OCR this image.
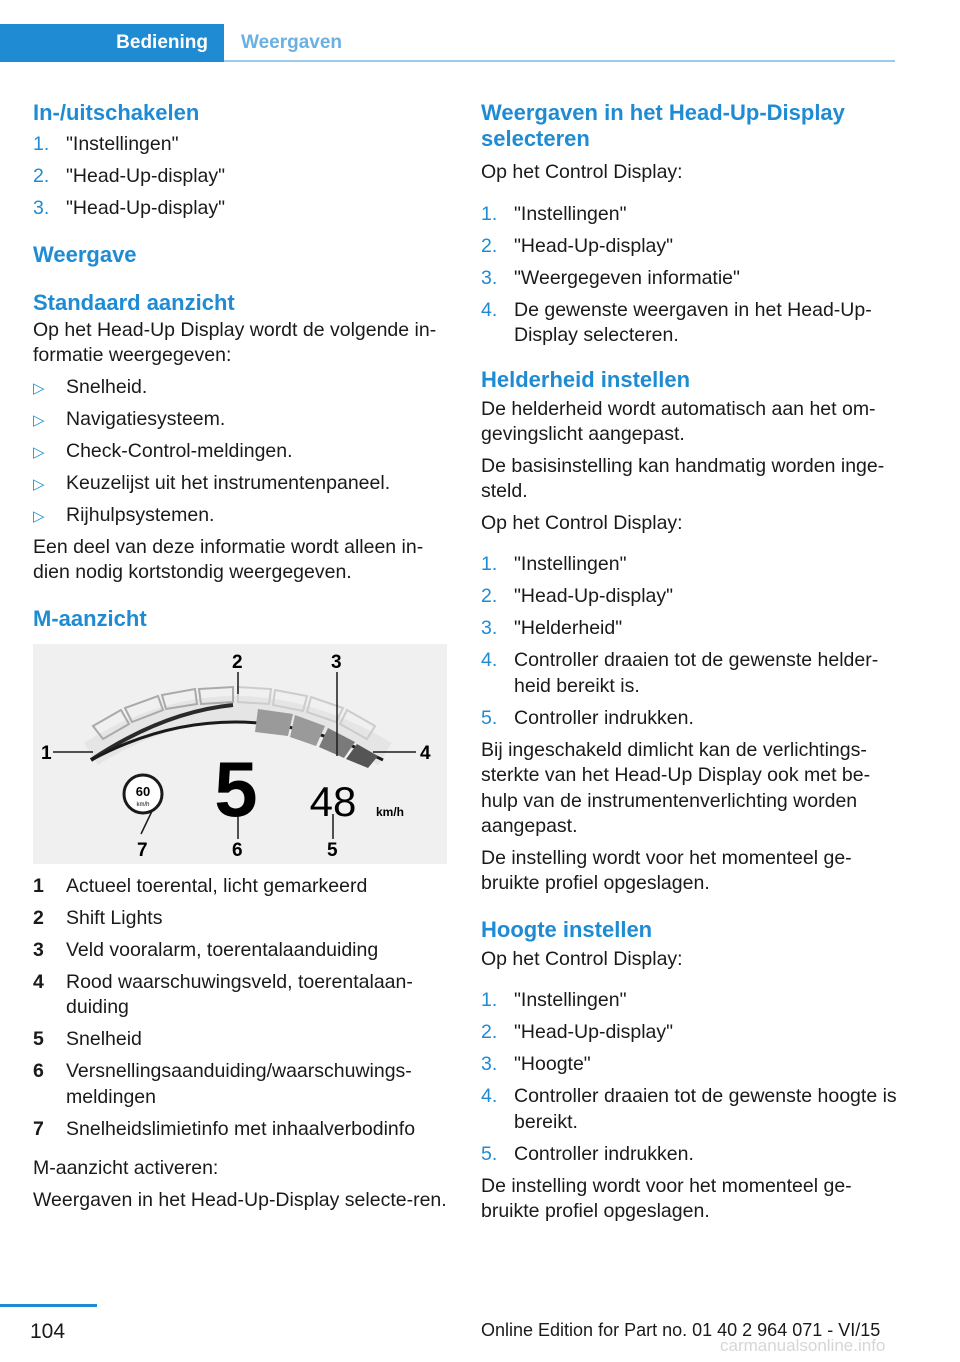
Bediening	Weergaven
In-/uitschakelen
1. "Instellingen"
2. "Head-Up-display"
3. "Head-Up-display"
Weergave
Standaard aanzicht
Op het Head-Up Display wordt de volgende in-formatie weergegeven:
▷ Snelheid.
▷ Navigatiesysteem.
▷ Check-Control-meldingen.
▷ Keuzelijst uit het instrumentenpaneel.
▷ Rijhulpsystemen.
Een deel van deze informatie wordt alleen in-dien nodig kortstondig weergegeven.
M-aanzicht
1
2	3
4
5
6
7
60
km/h 5 48 km/h
1 Actueel toerental, licht gemarkeerd
2 Shift Lights
3 Veld vooralarm, toerentalaanduiding
4 Rood waarschuwingsveld, toerentalaan-duiding
5 Snelheid
6 Versnellingsaanduiding/waarschuwings-meldingen
7 Snelheidslimietinfo met inhaalverbodinfo
M-aanzicht activeren:
Weergaven in het Head-Up-Display selecte-ren.
Weergaven in het Head-Up-Display selecteren
Op het Control Display:
1. "Instellingen"
2. "Head-Up-display"
3. "Weergegeven informatie"
4. De gewenste weergaven in het Head-Up-Display selecteren.
Helderheid instellen
De helderheid wordt automatisch aan het om-gevingslicht aangepast.
De basisinstelling kan handmatig worden inge-steld.
Op het Control Display:
1. "Instellingen"
2. "Head-Up-display"
3. "Helderheid"
4. Controller draaien tot de gewenste helder-heid bereikt is.
5. Controller indrukken.
Bij ingeschakeld dimlicht kan de verlichtings-sterkte van het Head-Up Display ook met be-hulp van de instrumentenverlichting worden aangepast.
De instelling wordt voor het momenteel ge-bruikte profiel opgeslagen.
Hoogte instellen
Op het Control Display:
1. "Instellingen"
2. "Head-Up-display"
3. "Hoogte"
4. Controller draaien tot de gewenste hoogte is bereikt.
5. Controller indrukken.
De instelling wordt voor het momenteel ge-bruikte profiel opgeslagen.
104	Online Edition for Part no. 01 40 2 964 071 - VI/15
carmanualsonline.info
